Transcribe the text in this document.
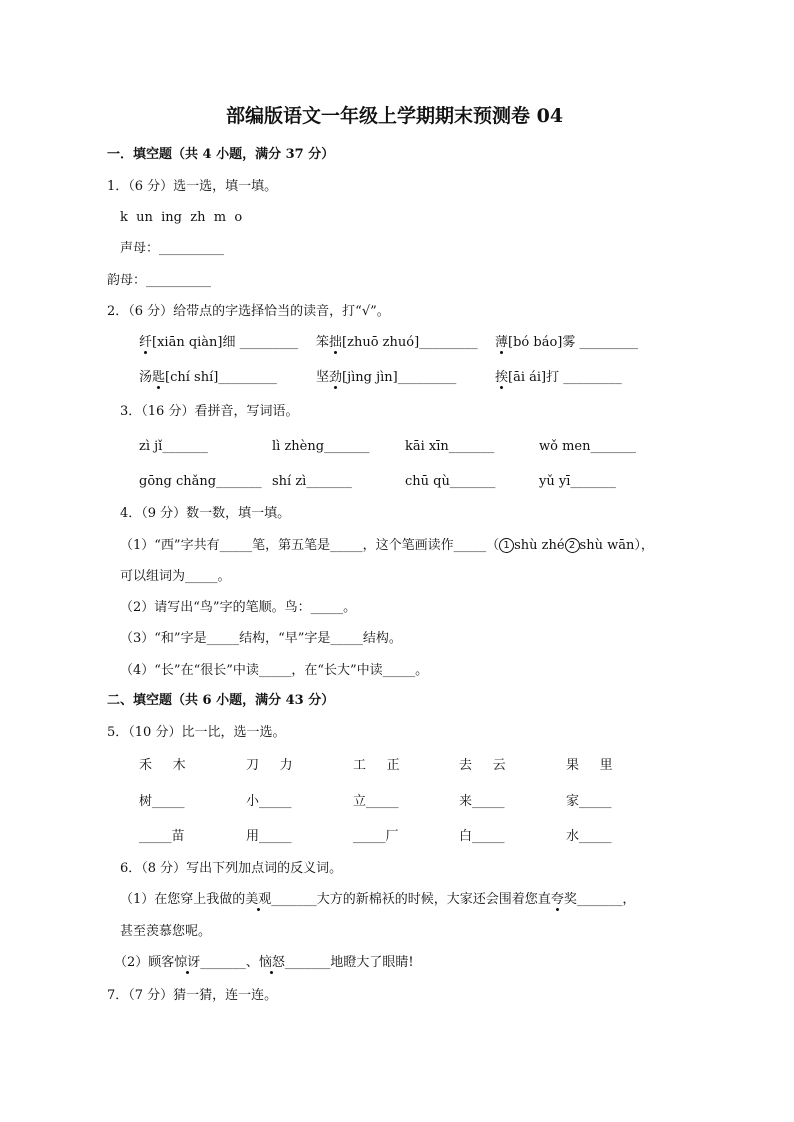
部编版语文一年级上学期期末预测卷 04
一．填空题（共 4 小题，满分 37 分）
1．（6 分）选一选，填一填。
k  un  ing  zh  m  o
声母：__________
韵母：__________
2．（6 分）给带点的字选择恰当的读音，打“√”。
纤[xiān qiàn]细 _________ 笨拙[zhuō zhuó]_________ 薄[bó báo]雾 _________
汤匙[chí shí]_________	坚劲[jìng jìn]_________	挨[āi ái]打 _________
3．（16 分）看拼音，写词语。
zì jǐ_______	lì zhèng_______	kāi xīn_______	wǒ men_______
gōng chǎng_______ shí zì_______	chū qù_______	yǔ yī_______
4．（9 分）数一数，填一填。
（1）“西”字共有_____笔，第五笔是_____，这个笔画读作_____（ 1 shù zhé 2 shù wān），
可以组词为_____。
（2）请写出“鸟”字的笔顺。鸟：_____。
（3）“和”字是_____结构，“早”字是_____结构。
（4）“长”在“很长”中读_____，在“长大”中读_____。
二、填空题（共 6 小题，满分 43 分）
5．（10 分）比一比，选一选。
禾     木	刀     力	工     正	去     云	果     里
树_____	小_____	立_____	来_____	家_____
_____苗	用_____	_____厂	白_____	水_____
6．（8 分）写出下列加点词的反义词。
（1）在您穿上我做的美观_______大方的新棉袄的时候，大家还会围着您直夸奖_______，
甚至羡慕您呢。
（2）顾客惊讶_______、恼怒_______地瞪大了眼睛!
7．（7 分）猜一猜，连一连。
